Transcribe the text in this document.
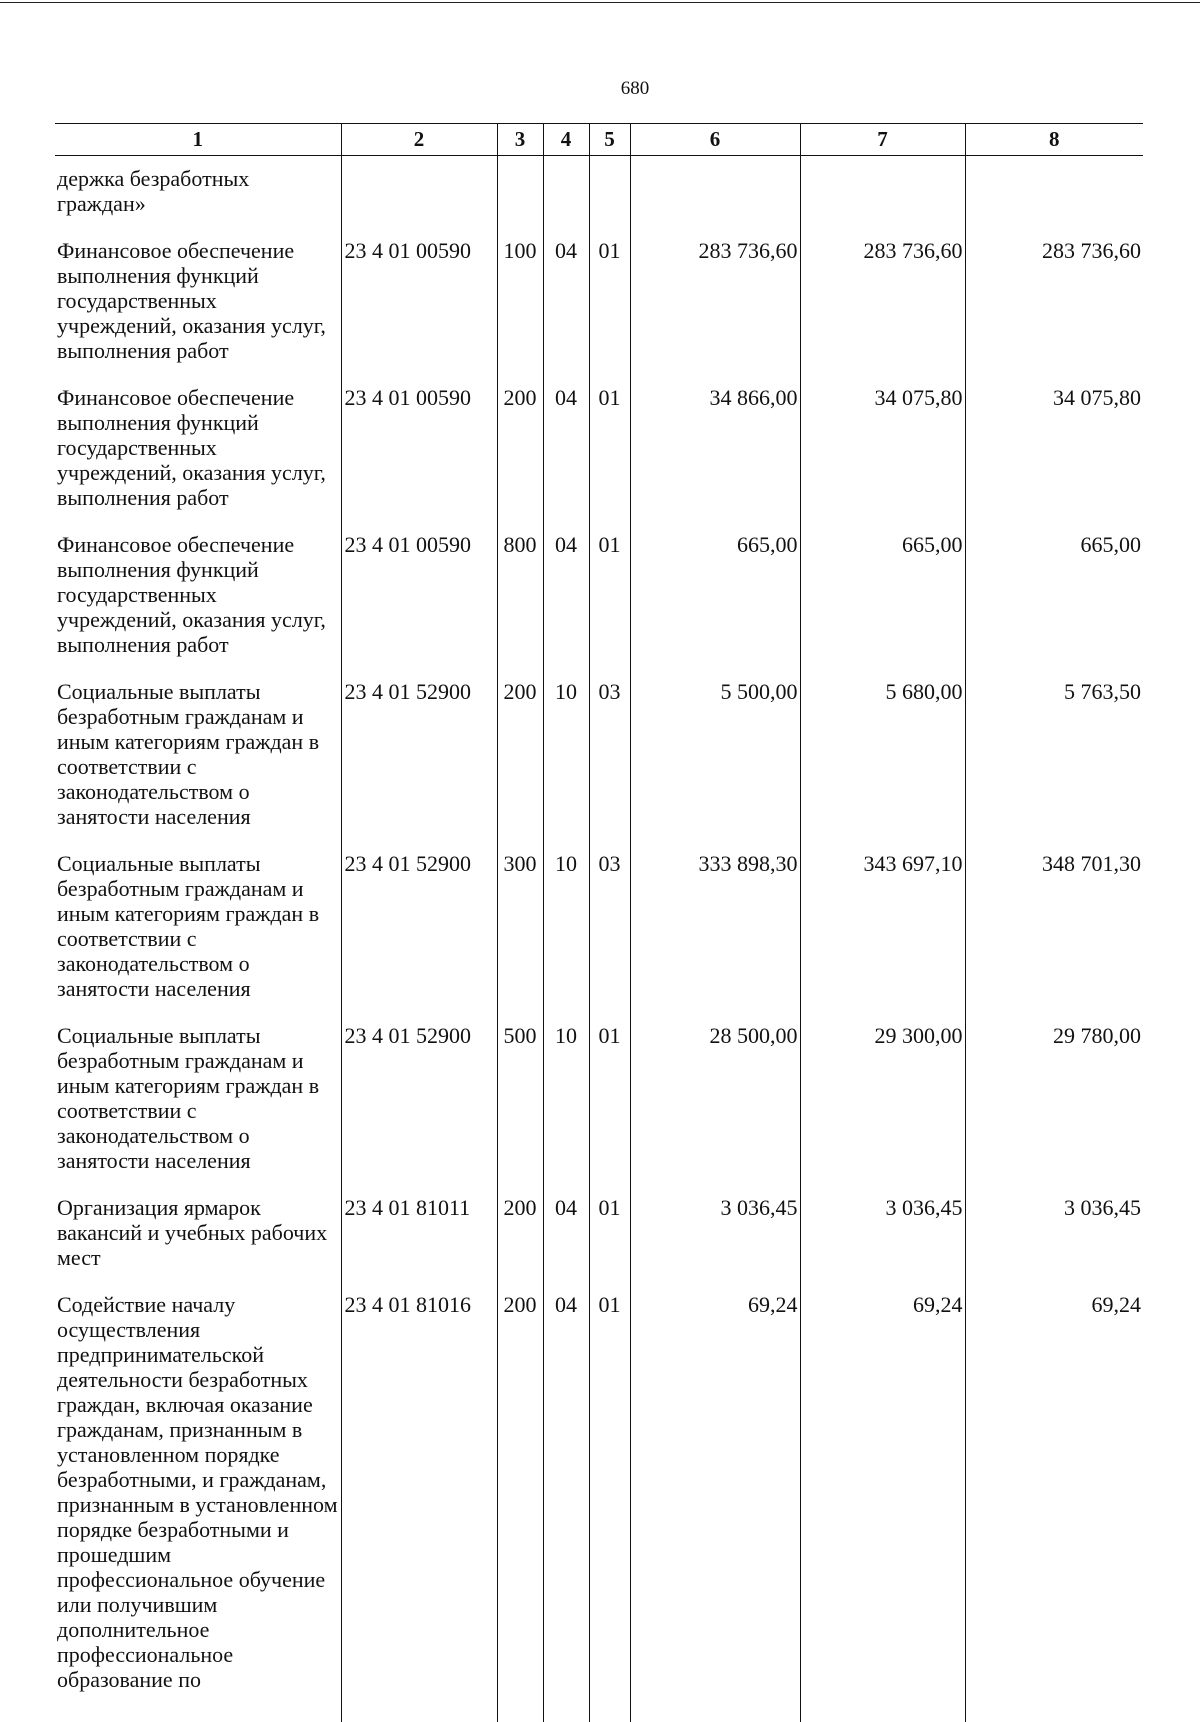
680
1	2	3	4	5	6	7	8
держка безработных граждан»							
Финансовое обеспечение выполнения функций государственных учреждений, оказания услуг, выполнения работ	23 4 01 00590	100	04	01	283 736,60	283 736,60	283 736,60
Финансовое обеспечение выполнения функций государственных учреждений, оказания услуг, выполнения работ	23 4 01 00590	200	04	01	34 866,00	34 075,80	34 075,80
Финансовое обеспечение выполнения функций государственных учреждений, оказания услуг, выполнения работ	23 4 01 00590	800	04	01	665,00	665,00	665,00
Социальные выплаты безработным гражданам и иным категориям граждан в соответствии с законодательством о занятости населения	23 4 01 52900	200	10	03	5 500,00	5 680,00	5 763,50
Социальные выплаты безработным гражданам и иным категориям граждан в соответствии с законодательством о занятости населения	23 4 01 52900	300	10	03	333 898,30	343 697,10	348 701,30
Социальные выплаты безработным гражданам и иным категориям граждан в соответствии с законодательством о занятости населения	23 4 01 52900	500	10	01	28 500,00	29 300,00	29 780,00
Организация ярмарок вакансий и учебных рабочих мест	23 4 01 81011	200	04	01	3 036,45	3 036,45	3 036,45
Содействие началу осуществления предпринимательской деятельности безработных граждан, включая оказание гражданам, признанным в установленном порядке безработными, и гражданам, признанным в установленном порядке безработными и прошедшим профессиональное обучение или получившим дополнительное профессиональное образование по	23 4 01 81016	200	04	01	69,24	69,24	69,24
